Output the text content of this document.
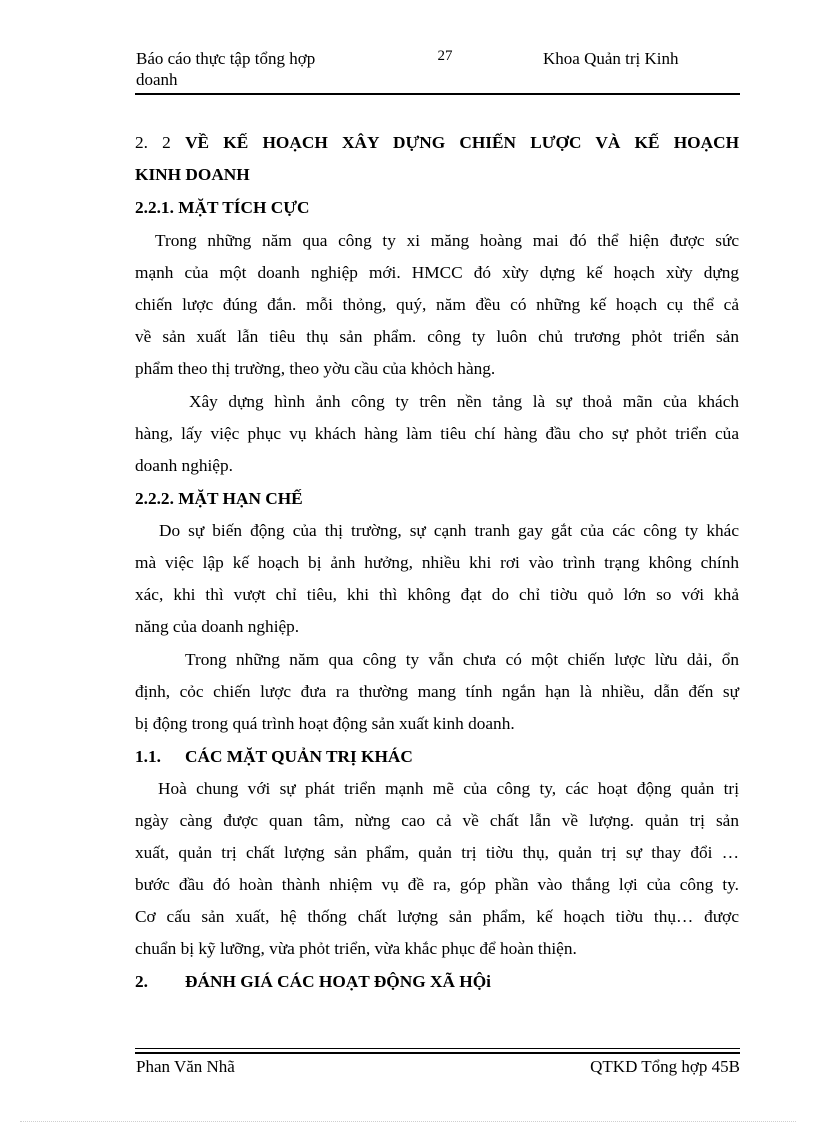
Báo cáo thực tập tổng hợp
doanh
27	Khoa Quản trị Kinh
2. 2 VỀ KẾ HOẠCH XÂY DỰNG CHIẾN LƯỢC VÀ KẾ HOẠCH
KINH DOANH
2.2.1. MẶT TÍCH CỰC
Trong những năm qua công ty xi măng hoàng mai đó thể hiện được sức
mạnh của một doanh nghiệp mới. HMCC đó xừy dựng kế hoạch xừy dựng
chiến lược đúng đắn. mỗi thỏng, quý, năm đều có những kế hoạch cụ thể cả
về sản xuất lẫn tiêu thụ sản phẩm. công ty luôn chủ trương phỏt triển sản
phẩm theo thị trường, theo yờu cầu của khỏch hàng.
Xây dựng hình ảnh công ty trên nền tảng là sự thoả mãn của khách
hàng, lấy việc phục vụ khách hàng làm tiêu chí hàng đầu cho sự phỏt triển của
doanh nghiệp.
2.2.2. MẶT HẠN CHẾ
Do sự biến động của thị trường, sự cạnh tranh gay gắt của các công ty khác
mà việc lập kế hoạch bị ảnh hưởng, nhiều khi rơi vào trình trạng không chính
xác, khi thì vượt chỉ tiêu, khi thì không đạt do chỉ tiờu quỏ lớn so với khả
năng của doanh nghiệp.
Trong những năm qua công ty vẫn chưa có một chiến lược lừu dải, ổn
định, cỏc chiến lược đưa ra thường mang tính ngắn hạn là nhiều, dẫn đến sự
bị động trong quá trình hoạt động sản xuất kinh doanh.
1.1. CÁC MẶT QUẢN TRỊ KHÁC
Hoà chung với sự phát triển mạnh mẽ của công ty, các hoạt động quản trị
ngày càng được quan tâm, nừng cao cả về chất lẫn về lượng. quản trị sản
xuất, quản trị chất lượng sản phẩm, quản trị tiờu thụ, quản trị sự thay đổi …
bước đầu đó hoàn thành nhiệm vụ đề ra, góp phần vào thắng lợi của công ty.
Cơ cấu sản xuất, hệ thống chất lượng sản phẩm, kế hoạch tiờu thụ… được
chuẩn bị kỹ lưỡng, vừa phỏt triển, vừa khắc phục để hoàn thiện.
2. ĐÁNH GIÁ CÁC HOẠT ĐỘNG XÃ HỘi
Phan Văn Nhã	QTKD Tổng hợp 45B
